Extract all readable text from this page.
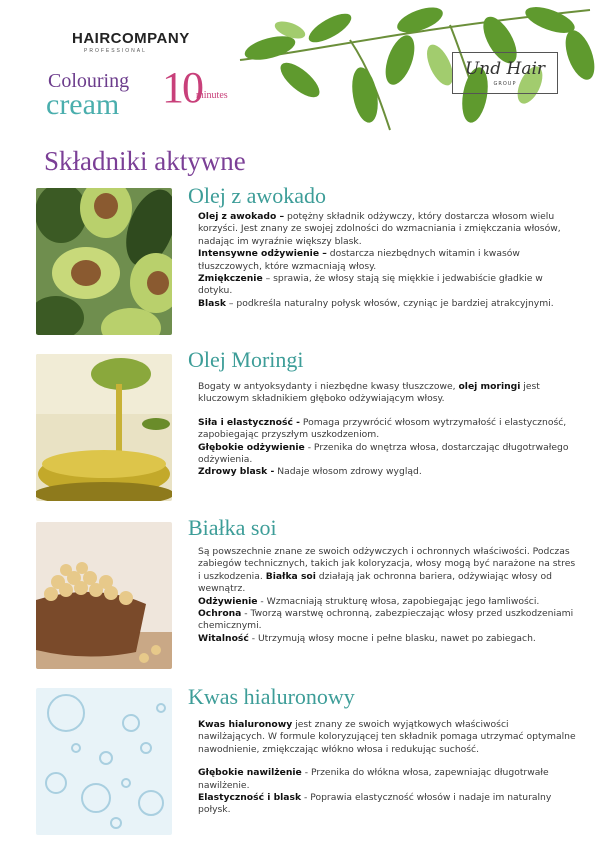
HAIRCOMPANY
PROFESSIONAL
Colouring
cream 10
minutes
Und Hair
GROUP
Składniki aktywne
Olej z awokado

Olej z awokado – potężny składnik odżywczy, który dostarcza włosom wielu korzyści. Jest znany ze swojej zdolności do wzmacniania i zmiękczania włosów, nadając im wyraźnie większy blask.

Intensywne odżywienie – dostarcza niezbędnych witamin i kwasów tłuszczowych, które wzmacniają włosy.

Zmiękczenie – sprawia, że włosy stają się miękkie i jedwabiście gładkie w dotyku.

Blask – podkreśla naturalny połysk włosów, czyniąc je bardziej atrakcyjnymi.

Olej Moringi

Bogaty w antyoksydanty i niezbędne kwasy tłuszczowe, olej moringi jest kluczowym składnikiem głęboko odżywiającym włosy.

Siła i elastyczność - Pomaga przywrócić włosom wytrzymałość i elastyczność, zapobiegając przyszłym uszkodzeniom.

Głębokie odżywienie - Przenika do wnętrza włosa, dostarczając długotrwałego odżywienia.

Zdrowy blask - Nadaje włosom zdrowy wygląd.

Białka soi

Są powszechnie znane ze swoich odżywczych i ochronnych właściwości. Podczas zabiegów technicznych, takich jak koloryzacja, włosy mogą być narażone na stres i uszkodzenia. Białka soi działają jak ochronna bariera, odżywiając włosy od wewnątrz.

Odżywienie - Wzmacniają strukturę włosa, zapobiegając jego łamliwości.

Ochrona - Tworzą warstwę ochronną, zabezpieczając włosy przed uszkodzeniami chemicznymi.

Witalność - Utrzymują włosy mocne i pełne blasku, nawet po zabiegach.

Kwas hialuronowy

Kwas hialuronowy jest znany ze swoich wyjątkowych właściwości nawilżających. W formule koloryzującej ten składnik pomaga utrzymać optymalne nawodnienie, zmiękczając włókno włosa i redukując suchość.

Głębokie nawilżenie - Przenika do włókna włosa, zapewniając długotrwałe nawilżenie.

Elastyczność i blask - Poprawia elastyczność włosów i nadaje im naturalny połysk.
